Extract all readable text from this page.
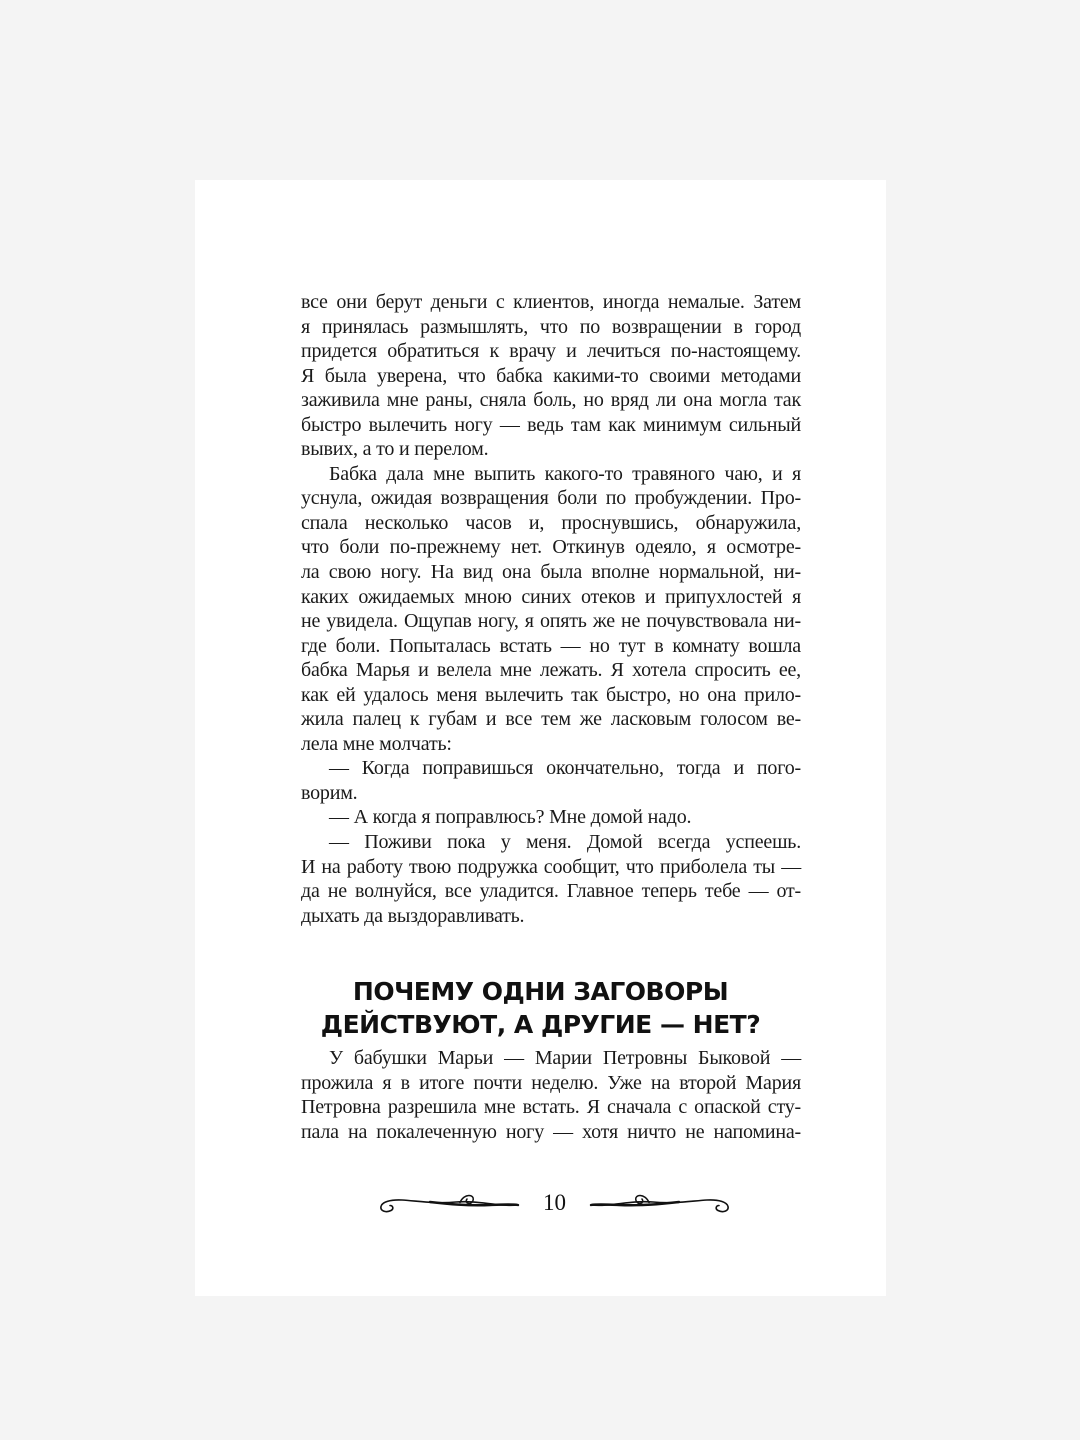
все они берут деньги с клиентов, иногда немалые. Затем
я принялась размышлять, что по возвращении в город
придется обратиться к врачу и лечиться по-настоящему.
Я была уверена, что бабка какими-то своими методами
заживила мне раны, сняла боль, но вряд ли она могла так
быстро вылечить ногу — ведь там как минимум сильный
вывих, а то и перелом.
Бабка дала мне выпить какого-то травяного чаю, и я
уснула, ожидая возвращения боли по пробуждении. Про-
спала несколько часов и, проснувшись, обнаружила,
что боли по-прежнему нет. Откинув одеяло, я осмотре-
ла свою ногу. На вид она была вполне нормальной, ни-
каких ожидаемых мною синих отеков и припухлостей я
не увидела. Ощупав ногу, я опять же не почувствовала ни-
где боли. Попыталась встать — но тут в комнату вошла
бабка Марья и велела мне лежать. Я хотела спросить ее,
как ей удалось меня вылечить так быстро, но она прило-
жила палец к губам и все тем же ласковым голосом ве-
лела мне молчать:
— Когда поправишься окончательно, тогда и пого-
ворим.
— А когда я поправлюсь? Мне домой надо.
— Поживи пока у меня. Домой всегда успеешь.
И на работу твою подружка сообщит, что приболела ты —
да не волнуйся, все уладится. Главное теперь тебе — от-
дыхать да выздоравливать.
ПОЧЕМУ ОДНИ ЗАГОВОРЫ
ДЕЙСТВУЮТ, А ДРУГИЕ — НЕТ?
У бабушки Марьи — Марии Петровны Быковой —
прожила я в итоге почти неделю. Уже на второй Мария
Петровна разрешила мне встать. Я сначала с опаской сту-
пала на покалеченную ногу — хотя ничто не напомина-
10
